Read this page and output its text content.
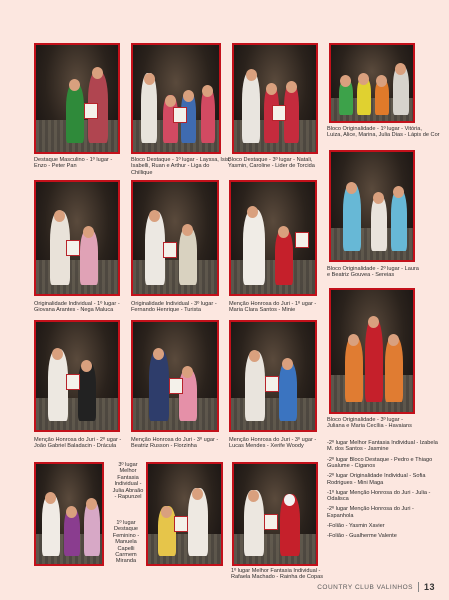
Destaque Masculino - 1º lugar -
Enzo - Peter Pan
Bloco Destaque - 1º lugar - Layssa, Isis,
Isabelli, Ruan e Arthur - Liga do Chillique
Bloco Destaque - 3º lugar - Natali,
Yasmin, Caroline - Lider de Torcida
Bloco Originalidade - 1º lugar - Vitória,
Luiza, Alice, Marina, Julia Dias - Lápis de Cor
Originalidade Individual - 1º lugar -
Giovana Arantes - Nega Maluca
Originalidade Individual - 3º lugar -
Fernando Henrique - Turista
Menção Honrosa do Juri - 1º ugar -
Maria Clara Santos - Minie
Bloco Originalidade - 2º lugar - Laura
e Beatriz Gouvea - Sereias
Menção Honrosa do Juri - 2º ugar -
João Gabriel Baladacin - Drácula
Menção Honrosa do Juri - 3º ugar -
Beatriz Russon - Florzinha
Menção Honrosa do Juri - 3º ugar -
Lucas Mendes - Xerife Woody
Bloco Originalidade - 3º lugar -
Juliana e Maria Cecília - Havaians
3º lugar
Melhor
Fantasia
Individual -
Julia Abraão
- Rapunzel
1º lugar
Destaque
Feminino -
Manuela Capelli
Carmem
Miranda
1º lugar Melhor Fantasia Individual -
Rafaela Machado - Rainha de Copas
-2º lugar Melhor Fantasia Individual - Izabela M. dos Santos - Jasmine
-2º lugar Bloco Destaque - Pedro e Thiago Gualume - Ciganos
-2º lugar Originalidade Individual - Sofia Rodrigues - Mini Maga
-1º lugar Menção Honrosa do Juri - Julia - Odalisca
-2º lugar Menção Honrosa do Juri - Espanhola
-Folião - Yasmin Xavier
-Folião - Gualherme Valente
COUNTRY CLUB VALINHOS 13
